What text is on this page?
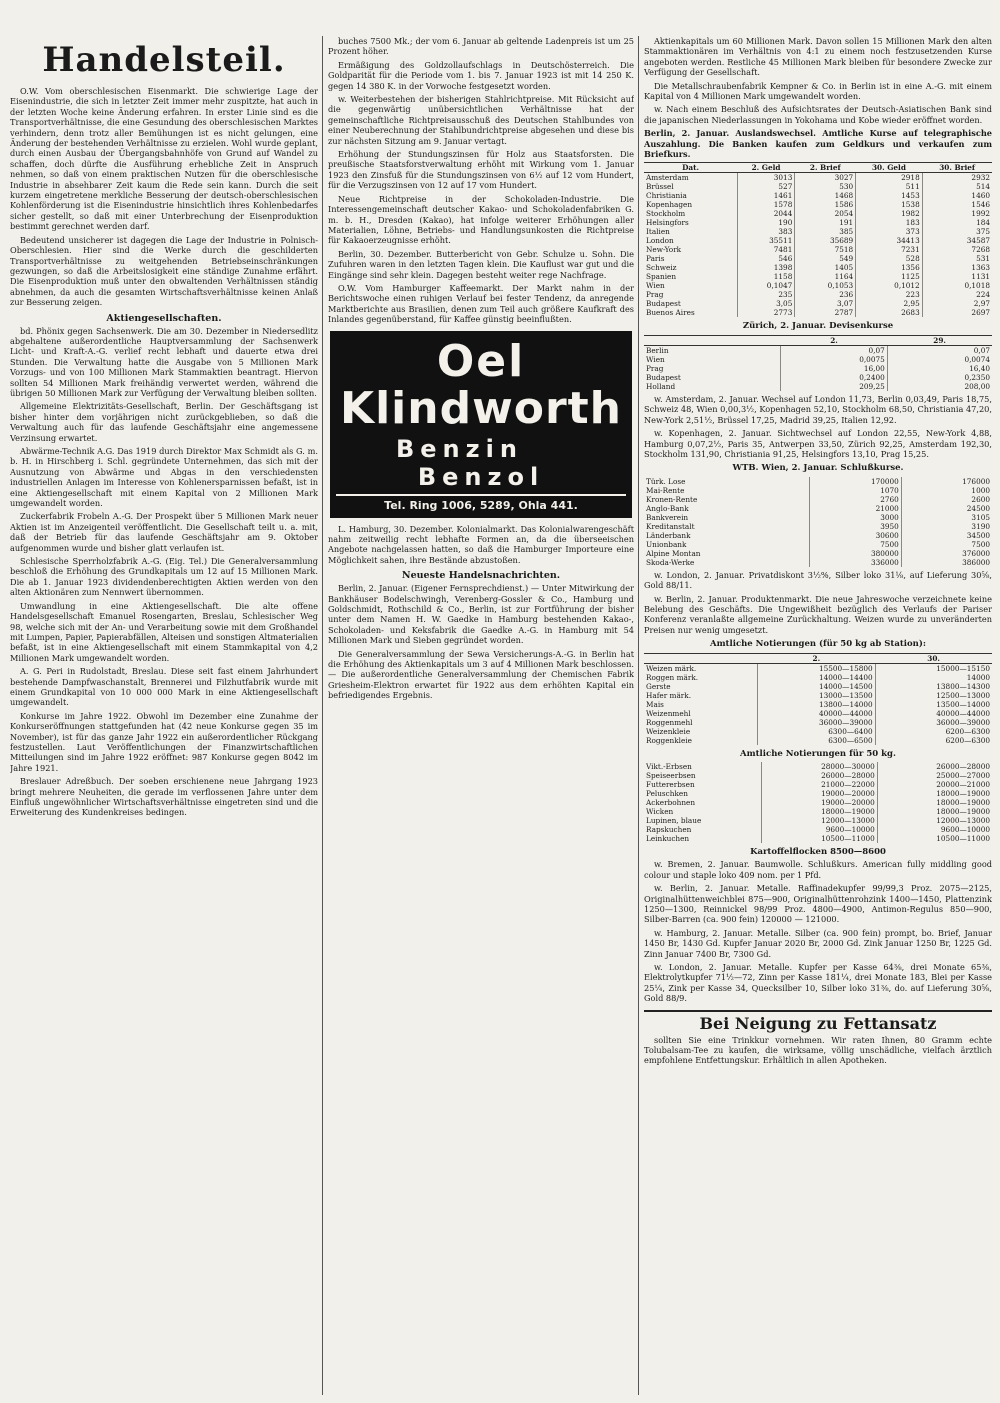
Handelsteil.

O.W. Vom oberschlesischen Eisenmarkt. Die schwierige Lage der Eisenindustrie, die sich in letzter Zeit immer mehr zuspitzte, hat auch in der letzten Woche keine Änderung erfahren. In erster Linie sind es die Transportverhältnisse, die eine Gesundung des oberschlesischen Marktes verhindern, denn trotz aller Bemühungen ist es nicht gelungen, eine Änderung der bestehenden Verhältnisse zu erzielen. Wohl wurde geplant, durch einen Ausbau der Übergangsbahnhöfe von Grund auf Wandel zu schaffen, doch dürfte die Ausführung erhebliche Zeit in Anspruch nehmen, so daß von einem praktischen Nutzen für die oberschlesische Industrie in absehbarer Zeit kaum die Rede sein kann. Durch die seit kurzem eingetretene merkliche Besserung der deutsch-oberschlesischen Kohlenförderung ist die Eisenindustrie hinsichtlich ihres Kohlenbedarfes sicher gestellt, so daß mit einer Unterbrechung der Eisenproduktion bestimmt gerechnet werden darf.

Bedeutend unsicherer ist dagegen die Lage der Industrie in Polnisch-Oberschlesien. Hier sind die Werke durch die geschilderten Transportverhältnisse zu weitgehenden Betriebseinschränkungen gezwungen, so daß die Arbeitslosigkeit eine ständige Zunahme erfährt. Die Eisenproduktion muß unter den obwaltenden Verhältnissen ständig abnehmen, da auch die gesamten Wirtschaftsverhältnisse keinen Anlaß zur Besserung zeigen.

Aktiengesellschaften.

bd. Phönix gegen Sachsenwerk. Die am 30. Dezember in Niedersedlitz abgehaltene außerordentliche Hauptversammlung der Sachsenwerk Licht- und Kraft-A.-G. verlief recht lebhaft und dauerte etwa drei Stunden. Die Verwaltung hatte die Ausgabe von 5 Millionen Mark Vorzugs- und von 100 Millionen Mark Stammaktien beantragt. Hiervon sollten 54 Millionen Mark freihändig verwertet werden, während die übrigen 50 Millionen Mark zur Verfügung der Verwaltung bleiben sollten.

Allgemeine Elektrizitäts-Gesellschaft, Berlin. Der Geschäftsgang ist bisher hinter dem vorjährigen nicht zurückgeblieben, so daß die Verwaltung auch für das laufende Geschäftsjahr eine angemessene Verzinsung erwartet.

Abwärme-Technik A.G. Das 1919 durch Direktor Max Schmidt als G. m. b. H. in Hirschberg i. Schl. gegründete Unternehmen, das sich mit der Ausnutzung von Abwärme und Abgas in den verschiedensten industriellen Anlagen im Interesse von Kohlenersparnissen befaßt, ist in eine Aktiengesellschaft mit einem Kapital von 2 Millionen Mark umgewandelt worden.

Zuckerfabrik Frobeln A.-G. Der Prospekt über 5 Millionen Mark neuer Aktien ist im Anzeigenteil veröffentlicht. Die Gesellschaft teilt u. a. mit, daß der Betrieb für das laufende Geschäftsjahr am 9. Oktober aufgenommen wurde und bisher glatt verlaufen ist.

Schlesische Sperrholzfabrik A.-G. (Eig. Tel.) Die Generalversammlung beschloß die Erhöhung des Grundkapitals um 12 auf 15 Millionen Mark. Die ab 1. Januar 1923 dividendenberechtigten Aktien werden von den alten Aktionären zum Nennwert übernommen.

Umwandlung in eine Aktiengesellschaft. Die alte offene Handelsgesellschaft Emanuel Rosengarten, Breslau, Schlesischer Weg 98, welche sich mit der An- und Verarbeitung sowie mit dem Großhandel mit Lumpen, Papier, Papierabfällen, Alteisen und sonstigen Altmaterialien befaßt, ist in eine Aktiengesellschaft mit einem Stammkapital von 4,2 Millionen Mark umgewandelt worden.

A. G. Peri in Rudolstadt, Breslau. Diese seit fast einem Jahrhundert bestehende Dampfwaschanstalt, Brennerei und Filzhutfabrik wurde mit einem Grundkapital von 10 000 000 Mark in eine Aktiengesellschaft umgewandelt.

Konkurse im Jahre 1922. Obwohl im Dezember eine Zunahme der Konkurseröffnungen stattgefunden hat (42 neue Konkurse gegen 35 im November), ist für das ganze Jahr 1922 ein außerordentlicher Rückgang festzustellen. Laut Veröffentlichungen der Finanzwirtschaftlichen Mitteilungen sind im Jahre 1922 eröffnet: 987 Konkurse gegen 8042 im Jahre 1921.

Breslauer Adreßbuch. Der soeben erschienene neue Jahrgang 1923 bringt mehrere Neuheiten, die gerade im verflossenen Jahre unter dem Einfluß ungewöhnlicher Wirtschaftsverhältnisse eingetreten sind und die Erweiterung des Kundenkreises bedingen.

buches 7500 Mk.; der vom 6. Januar ab geltende Ladenpreis ist um 25 Prozent höher.

Ermäßigung des Goldzollaufschlags in Deutschösterreich. Die Goldparität für die Periode vom 1. bis 7. Januar 1923 ist mit 14 250 K. gegen 14 380 K. in der Vorwoche festgesetzt worden.

w. Weiterbestehen der bisherigen Stahlrichtpreise. Mit Rücksicht auf die gegenwärtig unübersichtlichen Verhältnisse hat der gemeinschaftliche Richtpreisausschuß des Deutschen Stahlbundes von einer Neuberechnung der Stahlbundrichtpreise abgesehen und diese bis zur nächsten Sitzung am 9. Januar vertagt.

Erhöhung der Stundungszinsen für Holz aus Staatsforsten. Die preußische Staatsforstverwaltung erhöht mit Wirkung vom 1. Januar 1923 den Zinsfuß für die Stundungszinsen von 6½ auf 12 vom Hundert, für die Verzugszinsen von 12 auf 17 vom Hundert.

Neue Richtpreise in der Schokoladen-Industrie. Die Interessengemeinschaft deutscher Kakao- und Schokoladenfabriken G. m. b. H., Dresden (Kakao), hat infolge weiterer Erhöhungen aller Materialien, Löhne, Betriebs- und Handlungsunkosten die Richtpreise für Kakaoerzeugnisse erhöht.

Berlin, 30. Dezember. Butterbericht von Gebr. Schulze u. Sohn. Die Zufuhren waren in den letzten Tagen klein. Die Kauflust war gut und die Eingänge sind sehr klein. Dagegen besteht weiter rege Nachfrage.

O.W. Vom Hamburger Kaffeemarkt. Der Markt nahm in der Berichtswoche einen ruhigen Verlauf bei fester Tendenz, da anregende Marktberichte aus Brasilien, denen zum Teil auch größere Kaufkraft des Inlandes gegenüberstand, für Kaffee günstig beeinflußten.

Oel
Klindworth
Benzin    Benzol
Tel. Ring 1006, 5289, Ohla 441.

L. Hamburg, 30. Dezember. Kolonialmarkt. Das Kolonialwarengeschäft nahm zeitweilig recht lebhafte Formen an, da die überseeischen Angebote nachgelassen hatten, so daß die Hamburger Importeure eine Möglichkeit sahen, ihre Bestände abzustoßen.

Neueste Handelsnachrichten.

Berlin, 2. Januar. (Eigener Fernsprechdienst.) — Unter Mitwirkung der Bankhäuser Bodelschwingh, Verenberg-Gossler & Co., Hamburg und Goldschmidt, Rothschild & Co., Berlin, ist zur Fortführung der bisher unter dem Namen H. W. Gaedke in Hamburg bestehenden Kakao-, Schokoladen- und Keksfabrik die Gaedke A.-G. in Hamburg mit 54 Millionen Mark und Sieben gegründet worden.

Die Generalversammlung der Sewa Versicherungs-A.-G. in Berlin hat die Erhöhung des Aktienkapitals um 3 auf 4 Millionen Mark beschlossen. — Die außerordentliche Generalversammlung der Chemischen Fabrik Griesheim-Elektron erwartet für 1922 aus dem erhöhten Kapital ein befriedigendes Ergebnis.

Aktienkapitals um 60 Millionen Mark. Davon sollen 15 Millionen Mark den alten Stammaktionären im Verhältnis von 4:1 zu einem noch festzusetzenden Kurse angeboten werden. Restliche 45 Millionen Mark bleiben für besondere Zwecke zur Verfügung der Gesellschaft.

Die Metallschraubenfabrik Kempner & Co. in Berlin ist in eine A.-G. mit einem Kapital von 4 Millionen Mark umgewandelt worden.

w. Nach einem Beschluß des Aufsichtsrates der Deutsch-Asiatischen Bank sind die japanischen Niederlassungen in Yokohama und Kobe wieder eröffnet worden.

Berlin, 2. Januar. Auslandswechsel. Amtliche Kurse auf telegraphische Auszahlung. Die Banken kaufen zum Geldkurs und verkaufen zum Briefkurs.

Dat.	2. Geld	2. Brief	30. Geld	30. Brief
Amsterdam	3013	3027	2918	2932
Brüssel	527	530	511	514
Christiania	1461	1468	1453	1460
Kopenhagen	1578	1586	1538	1546
Stockholm	2044	2054	1982	1992
Helsingfors	190	191	183	184
Italien	383	385	373	375
London	35511	35689	34413	34587
New-York	7481	7518	7231	7268
Paris	546	549	528	531
Schweiz	1398	1405	1356	1363
Spanien	1158	1164	1125	1131
Wien	0,1047	0,1053	0,1012	0,1018
Prag	235	236	223	224
Budapest	3,05	3,07	2,95	2,97
Buenos Aires	2773	2787	2683	2697

Zürich, 2. Januar. Devisenkurse

	2.	29.
Berlin	0,07	0,07
Wien	0,0075	0,0074
Prag	16,00	16,40
Budapest	0,2400	0,2350
Holland	209,25	208,00

w. Amsterdam, 2. Januar. Wechsel auf London 11,73, Berlin 0,03,49, Paris 18,75, Schweiz 48, Wien 0,00,3½, Kopenhagen 52,10, Stockholm 68,50, Christiania 47,20, New-York 2,51½, Brüssel 17,25, Madrid 39,25, Italien 12,92.

w. Kopenhagen, 2. Januar. Sichtwechsel auf London 22,55, New-York 4,88, Hamburg 0,07,2½, Paris 35, Antwerpen 33,50, Zürich 92,25, Amsterdam 192,30, Stockholm 131,90, Christiania 91,25, Helsingfors 13,10, Prag 15,25.

WTB. Wien, 2. Januar. Schlußkurse.

Türk. Lose	170000	176000
Mai-Rente	1070	1000
Kronen-Rente	2760	2600
Anglo-Bank	21000	24500
Bankverein	3000	3105
Kreditanstalt	3950	3190
Länderbank	30600	34500
Unionbank	7500	7500
Alpine Montan	380000	376000
Skoda-Werke	336000	386000

w. London, 2. Januar. Privatdiskont 3½%, Silber loko 31⅛, auf Lieferung 30⅝, Gold 88/11.

w. Berlin, 2. Januar. Produktenmarkt. Die neue Jahreswoche verzeichnete keine Belebung des Geschäfts. Die Ungewißheit bezüglich des Verlaufs der Pariser Konferenz veranlaßte allgemeine Zurückhaltung. Weizen wurde zu unveränderten Preisen nur wenig umgesetzt.

Amtliche Notierungen (für 50 kg ab Station):

	2.	30.
Weizen märk.	15500—15800	15000—15150
Roggen märk.	14000—14400	14000
Gerste	14000—14500	13800—14300
Hafer märk.	13000—13500	12500—13000
Mais	13800—14000	13500—14000
Weizenmehl	40000—44000	40000—44000
Roggenmehl	36000—39000	36000—39000
Weizenkleie	6300—6400	6200—6300
Roggenkleie	6300—6500	6200—6300

Amtliche Notierungen für 50 kg.

Vikt.-Erbsen	28000—30000	26000—28000
Speiseerbsen	26000—28000	25000—27000
Futtererbsen	21000—22000	20000—21000
Peluschken	19000—20000	18000—19000
Ackerbohnen	19000—20000	18000—19000
Wicken	18000—19000	18000—19000
Lupinen, blaue	12000—13000	12000—13000
Rapskuchen	9600—10000	9600—10000
Leinkuchen	10500—11000	10500—11000

Kartoffelflocken 8500—8600

w. Bremen, 2. Januar. Baumwolle. Schlußkurs. American fully middling good colour und staple loko 409 nom. per 1 Pfd.

w. Berlin, 2. Januar. Metalle. Raffinadekupfer 99/99,3 Proz. 2075—2125, Originalhüttenweichblei 875—900, Originalhüttenrohzink 1400—1450, Plattenzink 1250—1300, Reinnickel 98/99 Proz. 4800—4900, Antimon-Regulus 850—900, Silber-Barren (ca. 900 fein) 120000 — 121000.

w. Hamburg, 2. Januar. Metalle. Silber (ca. 900 fein) prompt, bo. Brief, Januar 1450 Br, 1430 Gd. Kupfer Januar 2020 Br, 2000 Gd. Zink Januar 1250 Br, 1225 Gd. Zinn Januar 7400 Br, 7300 Gd.

w. London, 2. Januar. Metalle. Kupfer per Kasse 64⅜, drei Monate 65⅜, Elektrolytkupfer 71½—72, Zinn per Kasse 181¼, drei Monate 183, Blei per Kasse 25¼, Zink per Kasse 34, Quecksilber 10, Silber loko 31⅜, do. auf Lieferung 30⅝, Gold 88/9.

Bei Neigung zu Fettansatz

sollten Sie eine Trinkkur vornehmen. Wir raten Ihnen, 80 Gramm echte Tolubalsam-Tee zu kaufen, die wirksame, völlig unschädliche, vielfach ärztlich empfohlene Entfettungskur. Erhältlich in allen Apotheken.
